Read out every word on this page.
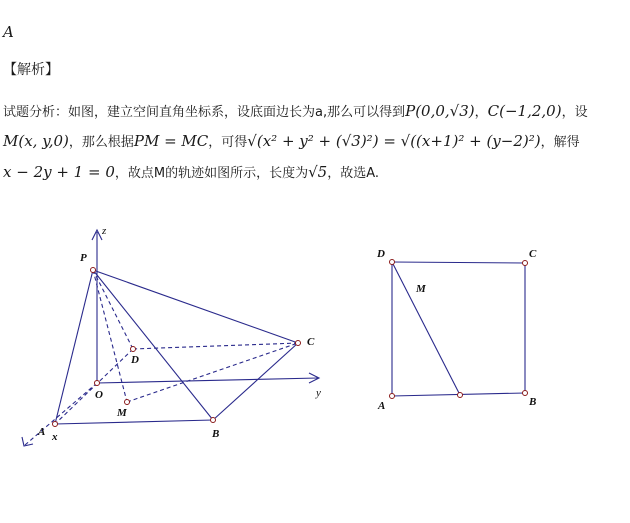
A
【解析】
试题分析：如图，建立空间直角坐标系，设底面边长为a,那么可以得到P(0,0,√3)，C(−1,2,0)，设
M(x, y,0)，那么根据PM = MC，可得√(x² + y² + (√3)²) = √((x+1)² + (y−2)²)，解得
x − 2y + 1 = 0，故点M的轨迹如图所示，长度为√5，故选A.
z
y
x
P
C
D
O
M
A	B
D	C
M
A	B
